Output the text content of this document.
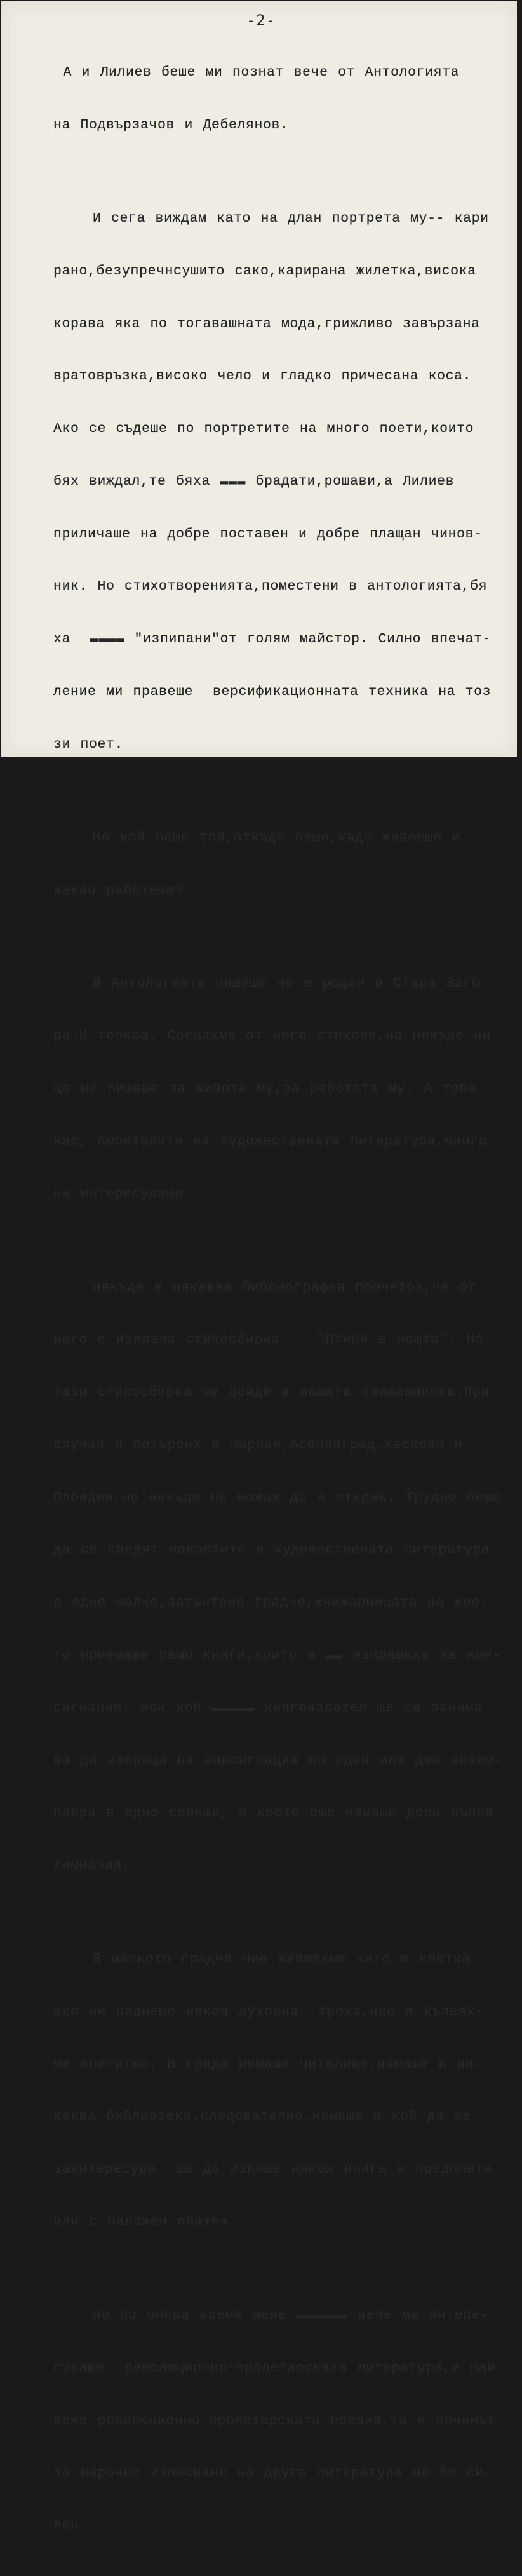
-2-

А и Лилиев беше ми познат вече от Антологията

на Подвързачов и Дебелянов.

И сега виждам като на длан портрета му-- кари

рано,безупречнсушито сако,карирана жилетка,висока

корава яка по тогавашната мода,грижливо завързана

вратовръзка,високо чело и гладко причесана коса.

Ако се съдеше по портретите на много поети,които

бях виждал,те бяха ▬▬▬ брадати,рошави,а Лилиев

приличаше на добре поставен и добре плащан чинов-

ник. Но стихотворенията,поместени в антологията,бя

ха  ▬▬▬▬ "изпипани"от голям майстор. Силно впечат-

ление ми правеше  версификационната техника на тоз

зи поет.

Но кой беше той,откъде беше,къде живееше и

какво работеше?

В Антологията пишеше че е роден в Стара Заго-

ра.И толкоз. Срещахме от него стихове,но никъде ни

що не пишеше за живота му,за работата му. А това

нас, любителите на художествената литература,много

ни интересуваше.

Някъде в някаква библиография прочетох,че от

него е излязла стихосбирка -- "Птици в нощта". Но

тази стихосбирка не дойде в нашата книжарничка.При

случай я потърсих в Чирпан,Асеновград,Хасково и

Пловдив,но никъде не можах да я открия. Трудно беше

да се следят новостите в художествената литература

в едно малко,затънтено градче,книжарницата на кое-

то приемаше само книги,които и ▬▬ изпращаха на кон-

сигнация. Ной кой ▬▬▬▬▬ книгоиздател ще се занима

ва да изпраща на консигнация по един или два екзем-

пляра в едно селище, в което още нямаше дори пълна

гимназия.

В малкото градче ние живеехме като в клетка --

ако ни паднеше някоя духовна  троха,ние я кълвях-

ме апетитно. В града нямаше читалище,нямаше и ни-

каква библиотека.Следователно,нямаше и кой да се

заинтересува  за да изпише някоя книга в предплата

или с наложен платеж.

Но по онова време мене ▬▬▬▬▬▬ вече ме интере-

суваше  революционно-пролетарската литература,и най

вече революционно-пролетарската поезия,та и починът

за нарочно изписване на друга литература не бе си-

лен.
